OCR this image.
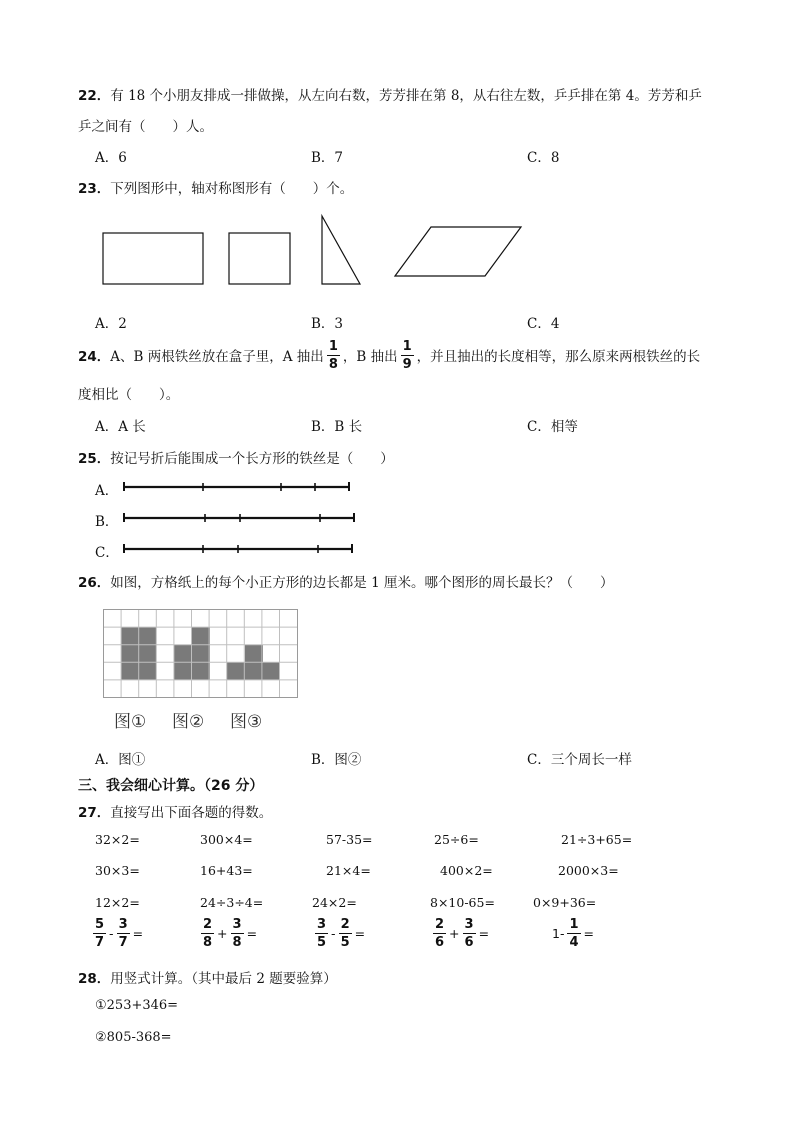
22．有 18 个小朋友排成一排做操，从左向右数，芳芳排在第 8，从右往左数，乒乒排在第 4。芳芳和乒
乒之间有（　　）人。
A．6	B．7	C．8
23．下列图形中，轴对称图形有（　　）个。
A．2	B．3	C．4
24． A、B 两根铁丝放在盒子里，A 抽出 $\frac{1}{8}$ ，B 抽出 $\frac{1}{9}$ ，并且抽出的长度相等，那么原来两根铁丝的长
度相比（　　）。
A．A 长	B．B 长	C．相等
25．按记号折后能围成一个长方形的铁丝是（　　）
A．
B．
C．
26．如图，方格纸上的每个小正方形的边长都是 1 厘米。哪个图形的周长最长？（　　）
图① 图② 图③
A．图①	B．图②	C．三个周长一样
三、我会细心计算。（26 分）
27．直接写出下面各题的得数。
32×2=	300×4=	57-35=	25÷6=	21÷3+65=
30×3=	16+43=	21×4=	400×2=	2000×3=
12×2=	24÷3÷4=	24×2=	8×10-65=	0×9+36=
$\frac{5}{7} - \frac{3}{7}$ =	$\frac{2}{8} + \frac{3}{8}$ =	$\frac{3}{5} - \frac{2}{5}$ =	$\frac{2}{6} + \frac{3}{6}$ =	$1- \frac{1}{4}$ =
28．用竖式计算。（其中最后 2 题要验算）
①253+346=
②805-368=
